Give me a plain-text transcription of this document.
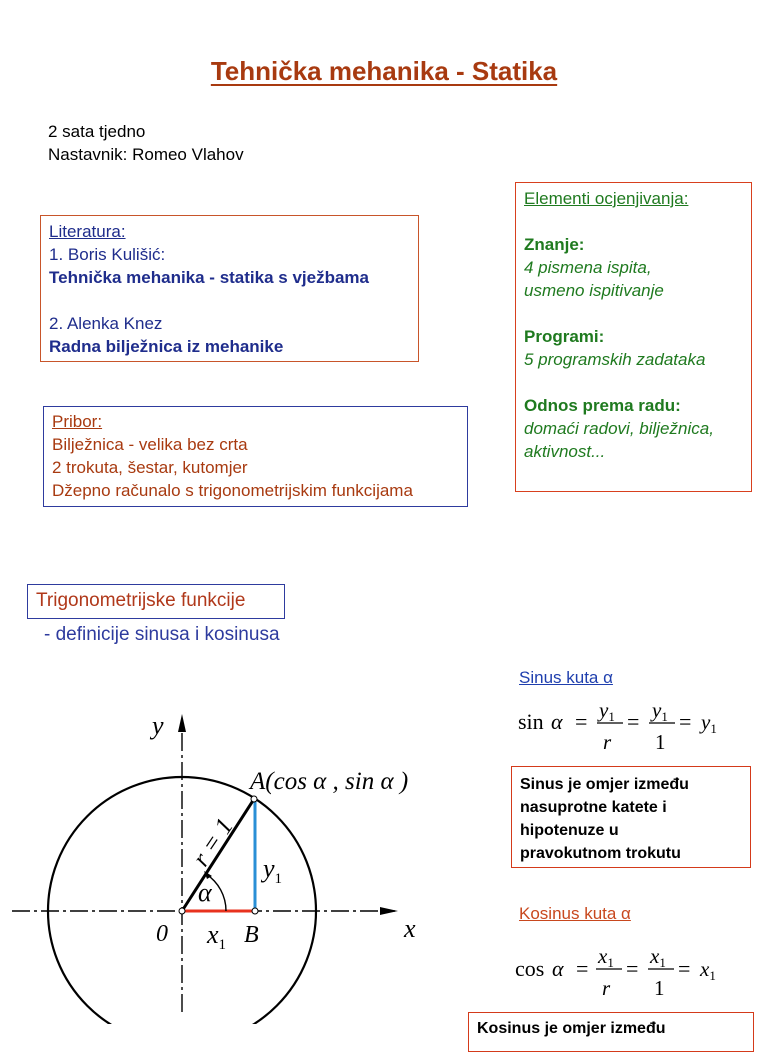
Tehnička mehanika - Statika
2 sata tjedno
Nastavnik: Romeo Vlahov
Literatura:
1. Boris Kulišić:
Tehnička mehanika - statika s vježbama
2. Alenka Knez
Radna bilježnica iz mehanike
Pribor:
Bilježnica - velika bez crta
2 trokuta, šestar, kutomjer
Džepno računalo s trigonometrijskim funkcijama
Elementi ocjenjivanja:
Znanje:
4 pismena ispita,
usmeno ispitivanje
Programi:
5 programskih zadataka
Odnos prema radu:
domaći radovi, bilježnica,
aktivnost...
Trigonometrijske funkcije
- definicije sinusa i kosinusa
y
x
0
A(cos α , sin α )
r = 1
α
$y_1$
$x_1$ B
Sinus kuta α
sin α = y1
r
= y1
1
= y1
Sinus je omjer između
nasuprotne katete i
hipotenuze u
pravokutnom trokutu
Kosinus kuta α
cos α = x1
r
= x1
1
= x1
Kosinus je omjer između
